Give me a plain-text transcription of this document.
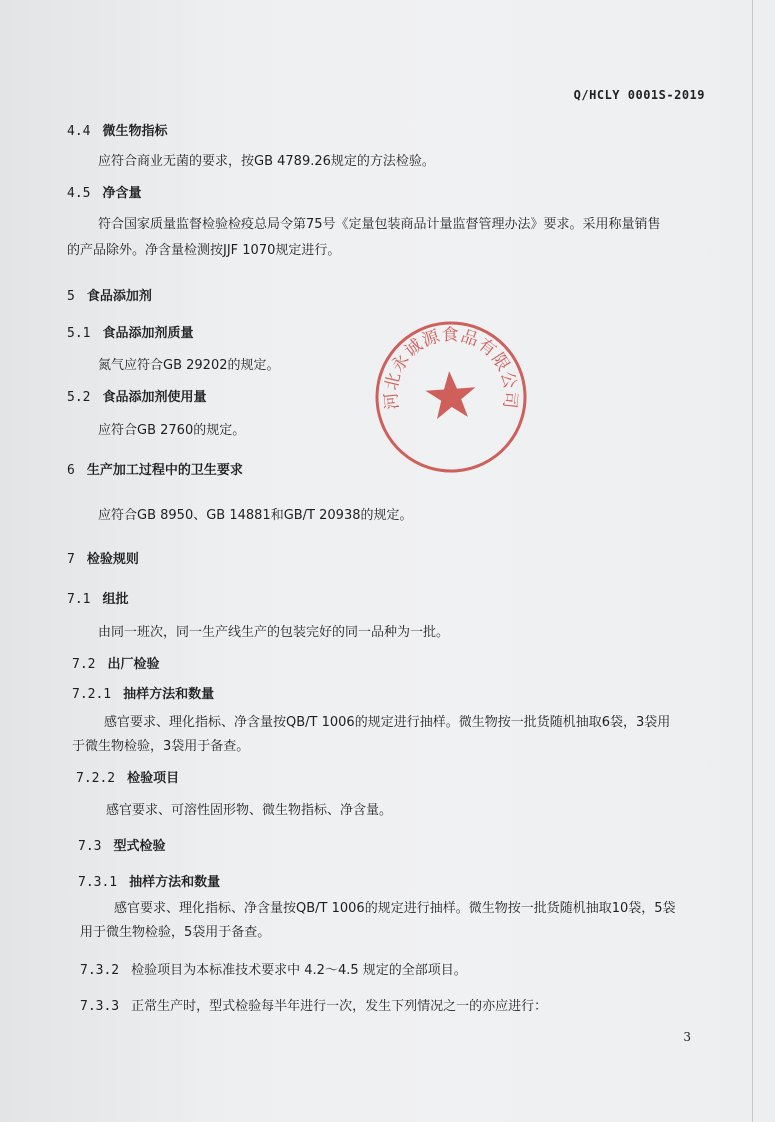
Q/HCLY 0001S-2019
4.4 微生物指标
应符合商业无菌的要求，按GB 4789.26规定的方法检验。
4.5 净含量
符合国家质量监督检验检疫总局令第75号《定量包装商品计量监督管理办法》要求。采用称量销售
的产品除外。净含量检测按JJF 1070规定进行。
5 食品添加剂
5.1 食品添加剂质量
氮气应符合GB 29202的规定。
5.2 食品添加剂使用量
应符合GB 2760的规定。
6 生产加工过程中的卫生要求
应符合GB 8950、GB 14881和GB/T 20938的规定。
7 检验规则
7.1 组批
由同一班次，同一生产线生产的包装完好的同一品种为一批。
7.2 出厂检验
7.2.1 抽样方法和数量
感官要求、理化指标、净含量按QB/T 1006的规定进行抽样。微生物按一批货随机抽取6袋，3袋用
于微生物检验，3袋用于备查。
7.2.2 检验项目
感官要求、可溶性固形物、微生物指标、净含量。
7.3 型式检验
7.3.1 抽样方法和数量
感官要求、理化指标、净含量按QB/T 1006的规定进行抽样。微生物按一批货随机抽取10袋，5袋
用于微生物检验，5袋用于备查。
7.3.2 检验项目为本标准技术要求中 4.2～4.5 规定的全部项目。
7.3.3 正常生产时，型式检验每半年进行一次，发生下列情况之一的亦应进行：
3
河北永诚源食品有限公司
